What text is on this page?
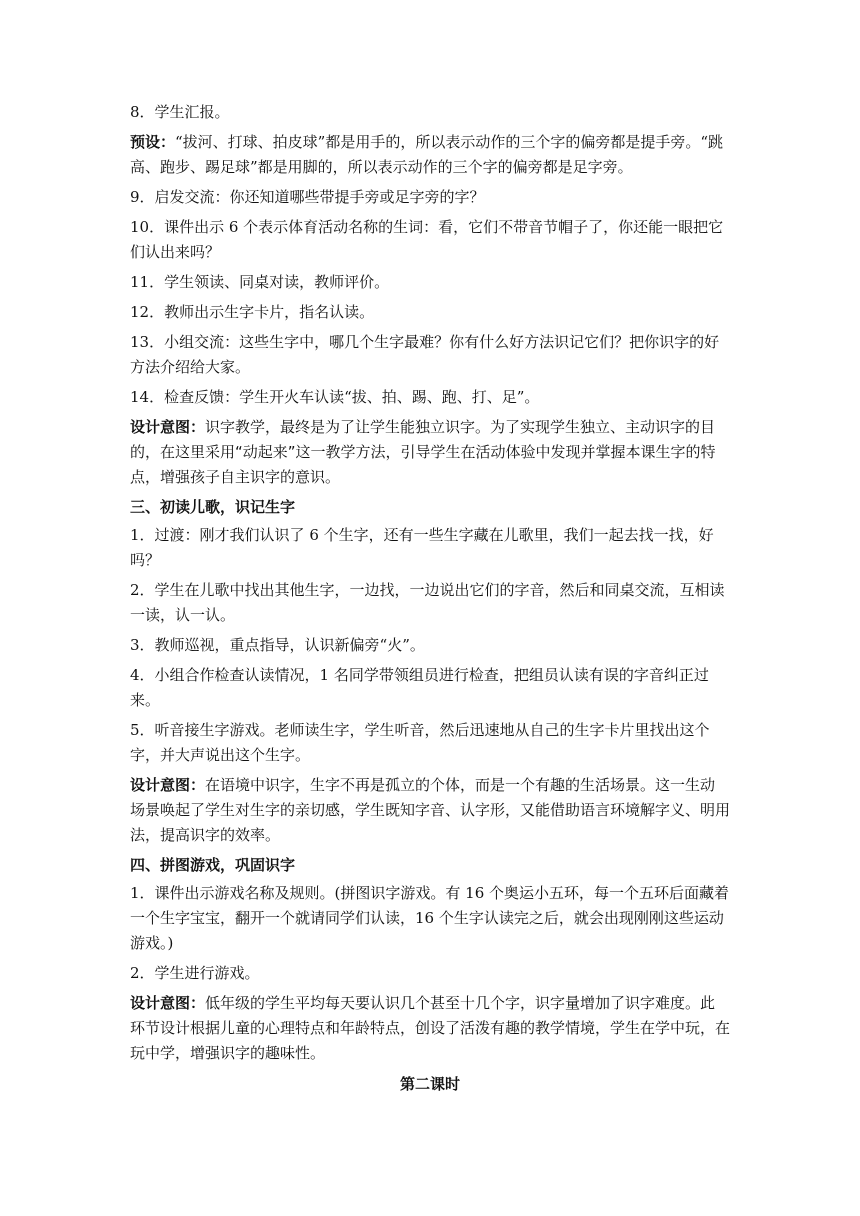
8．学生汇报。

预设：“拔河、打球、拍皮球”都是用手的，所以表示动作的三个字的偏旁都是提手旁。“跳高、跑步、踢足球”都是用脚的，所以表示动作的三个字的偏旁都是足字旁。

9．启发交流：你还知道哪些带提手旁或足字旁的字？

10．课件出示 6 个表示体育活动名称的生词：看，它们不带音节帽子了，你还能一眼把它们认出来吗？

11．学生领读、同桌对读，教师评价。

12．教师出示生字卡片，指名认读。

13．小组交流：这些生字中，哪几个生字最难？你有什么好方法识记它们？把你识字的好方法介绍给大家。

14．检查反馈：学生开火车认读“拔、拍、踢、跑、打、足”。

设计意图：识字教学，最终是为了让学生能独立识字。为了实现学生独立、主动识字的目的，在这里采用“动起来”这一教学方法，引导学生在活动体验中发现并掌握本课生字的特点，增强孩子自主识字的意识。

三、初读儿歌，识记生字

1．过渡：刚才我们认识了 6 个生字，还有一些生字藏在儿歌里，我们一起去找一找，好吗？

2．学生在儿歌中找出其他生字，一边找，一边说出它们的字音，然后和同桌交流，互相读一读，认一认。

3．教师巡视，重点指导，认识新偏旁“火”。

4．小组合作检查认读情况，1 名同学带领组员进行检查，把组员认读有误的字音纠正过来。

5．听音接生字游戏。老师读生字，学生听音，然后迅速地从自己的生字卡片里找出这个字，并大声说出这个生字。

设计意图：在语境中识字，生字不再是孤立的个体，而是一个有趣的生活场景。这一生动场景唤起了学生对生字的亲切感，学生既知字音、认字形，又能借助语言环境解字义、明用法，提高识字的效率。

四、拼图游戏，巩固识字

1．课件出示游戏名称及规则。(拼图识字游戏。有 16 个奥运小五环，每一个五环后面藏着一个生字宝宝，翻开一个就请同学们认读，16 个生字认读完之后，就会出现刚刚这些运动游戏。)

2．学生进行游戏。

设计意图：低年级的学生平均每天要认识几个甚至十几个字，识字量增加了识字难度。此环节设计根据儿童的心理特点和年龄特点，创设了活泼有趣的教学情境，学生在学中玩，在玩中学，增强识字的趣味性。

第二课时
